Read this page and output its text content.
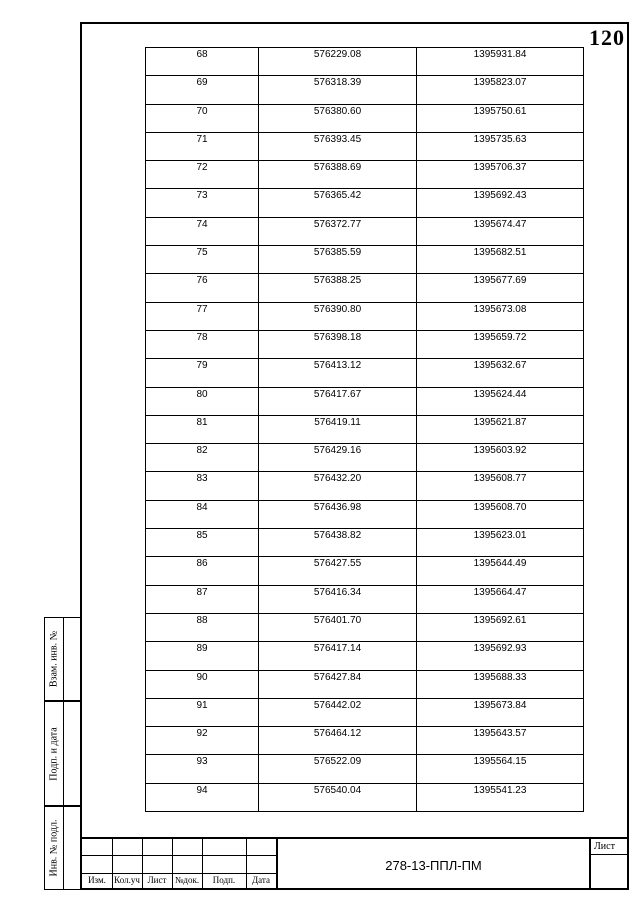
120
68	576229.08	1395931.84
69	576318.39	1395823.07
70	576380.60	1395750.61
71	576393.45	1395735.63
72	576388.69	1395706.37
73	576365.42	1395692.43
74	576372.77	1395674.47
75	576385.59	1395682.51
76	576388.25	1395677.69
77	576390.80	1395673.08
78	576398.18	1395659.72
79	576413.12	1395632.67
80	576417.67	1395624.44
81	576419.11	1395621.87
82	576429.16	1395603.92
83	576432.20	1395608.77
84	576436.98	1395608.70
85	576438.82	1395623.01
86	576427.55	1395644.49
87	576416.34	1395664.47
88	576401.70	1395692.61
89	576417.14	1395692.93
90	576427.84	1395688.33
91	576442.02	1395673.84
92	576464.12	1395643.57
93	576522.09	1395564.15
94	576540.04	1395541.23
Взам. инв. №
Подп. и дата
Инв. № подл.
Изм. Кол.уч Лист №док.	Подп.	Дата
278-13-ППЛ-ПМ
Лист
